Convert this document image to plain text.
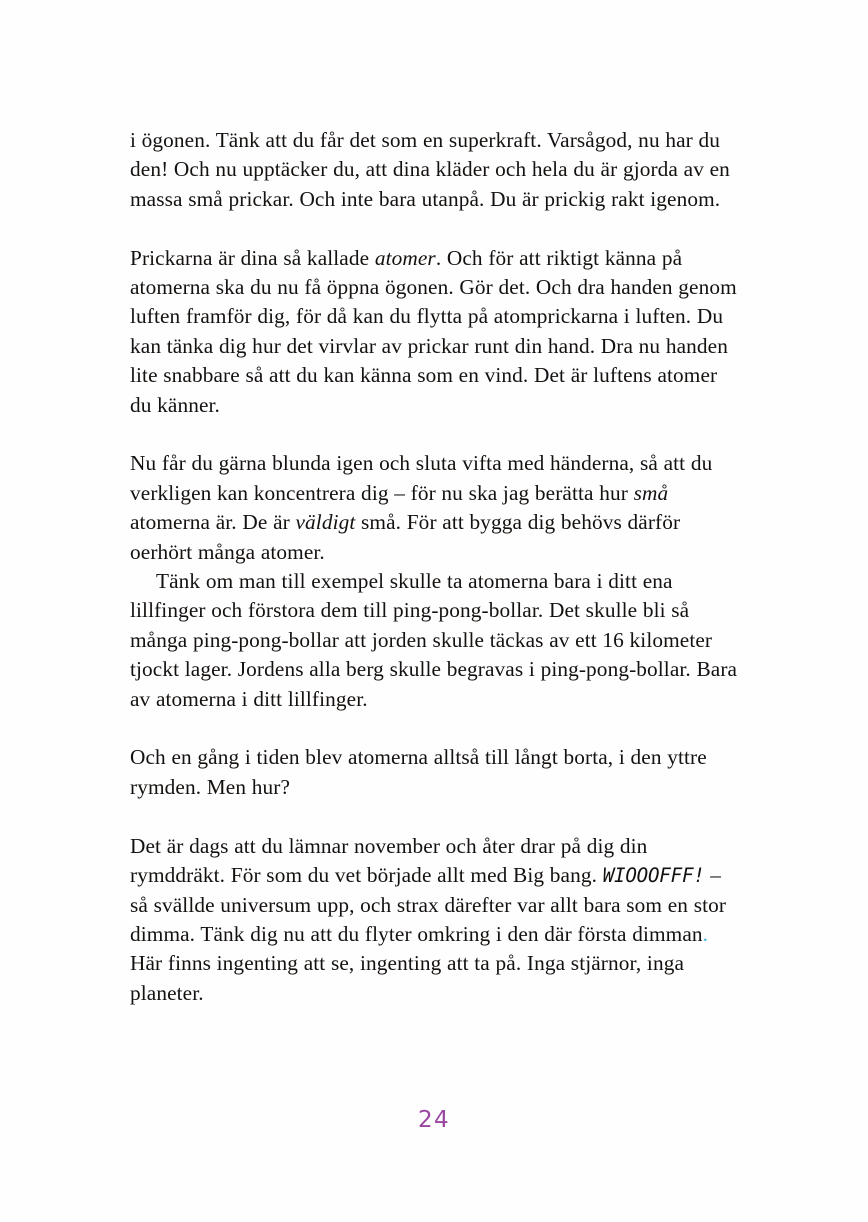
i ögonen. Tänk att du får det som en superkraft. Varsågod, nu har du den! Och nu upptäcker du, att dina kläder och hela du är gjorda av en massa små prickar. Och inte bara utanpå. Du är prickig rakt igenom.

Prickarna är dina så kallade atomer. Och för att riktigt känna på atomerna ska du nu få öppna ögonen. Gör det. Och dra handen genom luften framför dig, för då kan du flytta på atomprickarna i luften. Du kan tänka dig hur det virvlar av prickar runt din hand. Dra nu handen lite snabbare så att du kan känna som en vind. Det är luftens atomer du känner.

Nu får du gärna blunda igen och sluta vifta med händerna, så att du verkligen kan koncentrera dig – för nu ska jag berätta hur små atomerna är. De är väldigt små. För att bygga dig behövs därför oerhört många atomer.

Tänk om man till exempel skulle ta atomerna bara i ditt ena lillfinger och förstora dem till ping-pong-bollar. Det skulle bli så många ping-pong-bollar att jorden skulle täckas av ett 16 kilometer tjockt lager. Jordens alla berg skulle begravas i ping-pong-bollar. Bara av atomerna i ditt lillfinger.

Och en gång i tiden blev atomerna alltså till långt borta, i den yttre rymden. Men hur?

Det är dags att du lämnar november och åter drar på dig din rymddräkt. För som du vet började allt med Big bang. WIOOOFFF! – så svällde universum upp, och strax därefter var allt bara som en stor dimma. Tänk dig nu att du flyter omkring i den där första dimman. Här finns ingenting att se, ingenting att ta på. Inga stjärnor, inga planeter.

24
